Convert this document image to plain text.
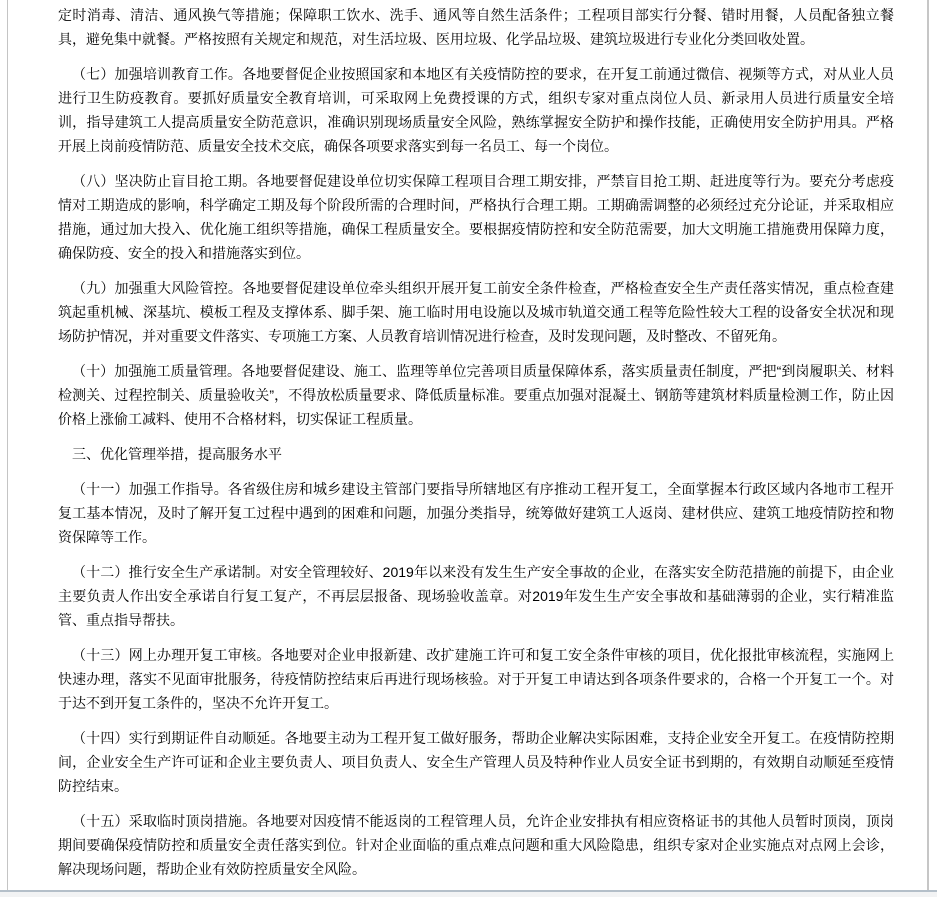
定时消毒、清洁、通风换气等措施；保障职工饮水、洗手、通风等自然生活条件；工程项目部实行分餐、错时用餐，人员配备独立餐具，避免集中就餐。严格按照有关规定和规范，对生活垃圾、医用垃圾、化学品垃圾、建筑垃圾进行专业化分类回收处置。

（七）加强培训教育工作。各地要督促企业按照国家和本地区有关疫情防控的要求，在开复工前通过微信、视频等方式，对从业人员进行卫生防疫教育。要抓好质量安全教育培训，可采取网上免费授课的方式，组织专家对重点岗位人员、新录用人员进行质量安全培训，指导建筑工人提高质量安全防范意识，准确识别现场质量安全风险，熟练掌握安全防护和操作技能，正确使用安全防护用具。严格开展上岗前疫情防范、质量安全技术交底，确保各项要求落实到每一名员工、每一个岗位。

（八）坚决防止盲目抢工期。各地要督促建设单位切实保障工程项目合理工期安排，严禁盲目抢工期、赶进度等行为。要充分考虑疫情对工期造成的影响，科学确定工期及每个阶段所需的合理时间，严格执行合理工期。工期确需调整的必须经过充分论证，并采取相应措施，通过加大投入、优化施工组织等措施，确保工程质量安全。要根据疫情防控和安全防范需要，加大文明施工措施费用保障力度，确保防疫、安全的投入和措施落实到位。

（九）加强重大风险管控。各地要督促建设单位牵头组织开展开复工前安全条件检查，严格检查安全生产责任落实情况，重点检查建筑起重机械、深基坑、模板工程及支撑体系、脚手架、施工临时用电设施以及城市轨道交通工程等危险性较大工程的设备安全状况和现场防护情况，并对重要文件落实、专项施工方案、人员教育培训情况进行检查，及时发现问题，及时整改、不留死角。

（十）加强施工质量管理。各地要督促建设、施工、监理等单位完善项目质量保障体系，落实质量责任制度，严把“到岗履职关、材料检测关、过程控制关、质量验收关”，不得放松质量要求、降低质量标准。要重点加强对混凝土、钢筋等建筑材料质量检测工作，防止因价格上涨偷工减料、使用不合格材料，切实保证工程质量。

三、优化管理举措，提高服务水平

（十一）加强工作指导。各省级住房和城乡建设主管部门要指导所辖地区有序推动工程开复工，全面掌握本行政区域内各地市工程开复工基本情况，及时了解开复工过程中遇到的困难和问题，加强分类指导，统筹做好建筑工人返岗、建材供应、建筑工地疫情防控和物资保障等工作。

（十二）推行安全生产承诺制。对安全管理较好、2019年以来没有发生生产安全事故的企业，在落实安全防范措施的前提下，由企业主要负责人作出安全承诺自行复工复产，不再层层报备、现场验收盖章。对2019年发生生产安全事故和基础薄弱的企业，实行精准监管、重点指导帮扶。

（十三）网上办理开复工审核。各地要对企业申报新建、改扩建施工许可和复工安全条件审核的项目，优化报批审核流程，实施网上快速办理，落实不见面审批服务，待疫情防控结束后再进行现场核验。对于开复工申请达到各项条件要求的，合格一个开复工一个。对于达不到开复工条件的，坚决不允许开复工。

（十四）实行到期证件自动顺延。各地要主动为工程开复工做好服务，帮助企业解决实际困难，支持企业安全开复工。在疫情防控期间，企业安全生产许可证和企业主要负责人、项目负责人、安全生产管理人员及特种作业人员安全证书到期的，有效期自动顺延至疫情防控结束。

（十五）采取临时顶岗措施。各地要对因疫情不能返岗的工程管理人员，允许企业安排执有相应资格证书的其他人员暂时顶岗，顶岗期间要确保疫情防控和质量安全责任落实到位。针对企业面临的重点难点问题和重大风险隐患，组织专家对企业实施点对点网上会诊，解决现场问题，帮助企业有效防控质量安全风险。
